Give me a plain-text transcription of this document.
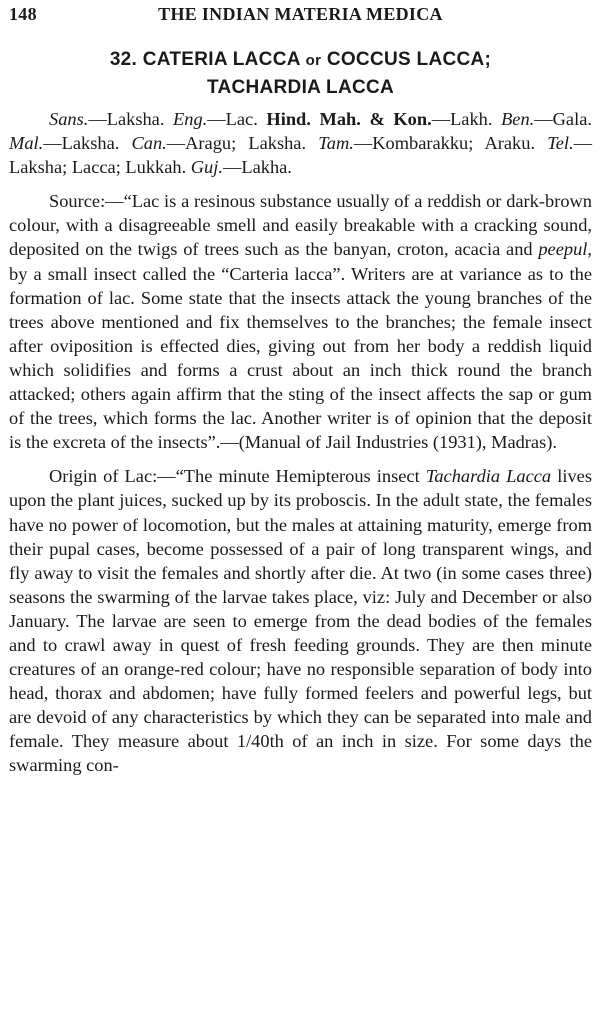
148	THE INDIAN MATERIA MEDICA
32. CATERIA LACCA or COCCUS LACCA;
TACHARDIA LACCA

Sans.—Laksha. Eng.—Lac. Hind. Mah. & Kon.—Lakh. Ben.—Gala. Mal.—Laksha. Can.—Aragu; Laksha. Tam.—Kombarakku; Araku. Tel.—Laksha; Lacca; Lukkah. Guj.—Lakha.

Source:—“Lac is a resinous substance usually of a reddish or dark-brown colour, with a disagreeable smell and easily breakable with a cracking sound, deposited on the twigs of trees such as the banyan, croton, acacia and peepul, by a small insect called the “Carteria lacca”. Writers are at variance as to the formation of lac. Some state that the insects attack the young branches of the trees above mentioned and fix themselves to the branches; the female insect after oviposition is effected dies, giving out from her body a reddish liquid which solidifies and forms a crust about an inch thick round the branch attacked; others again affirm that the sting of the insect affects the sap or gum of the trees, which forms the lac. Another writer is of opinion that the deposit is the excreta of the insects”.—(Manual of Jail Industries (1931), Madras).

Origin of Lac:—“The minute Hemipterous insect Tachardia Lacca lives upon the plant juices, sucked up by its proboscis. In the adult state, the females have no power of locomotion, but the males at attaining maturity, emerge from their pupal cases, become possessed of a pair of long transparent wings, and fly away to visit the females and shortly after die. At two (in some cases three) seasons the swarming of the larvae takes place, viz: July and December or also January. The larvae are seen to emerge from the dead bodies of the females and to crawl away in quest of fresh feeding grounds. They are then minute creatures of an orange-red colour; have no responsible separation of body into head, thorax and abdomen; have fully formed feelers and powerful legs, but are devoid of any characteristics by which they can be separated into male and female. They measure about 1/40th of an inch in size. For some days the swarming con-
